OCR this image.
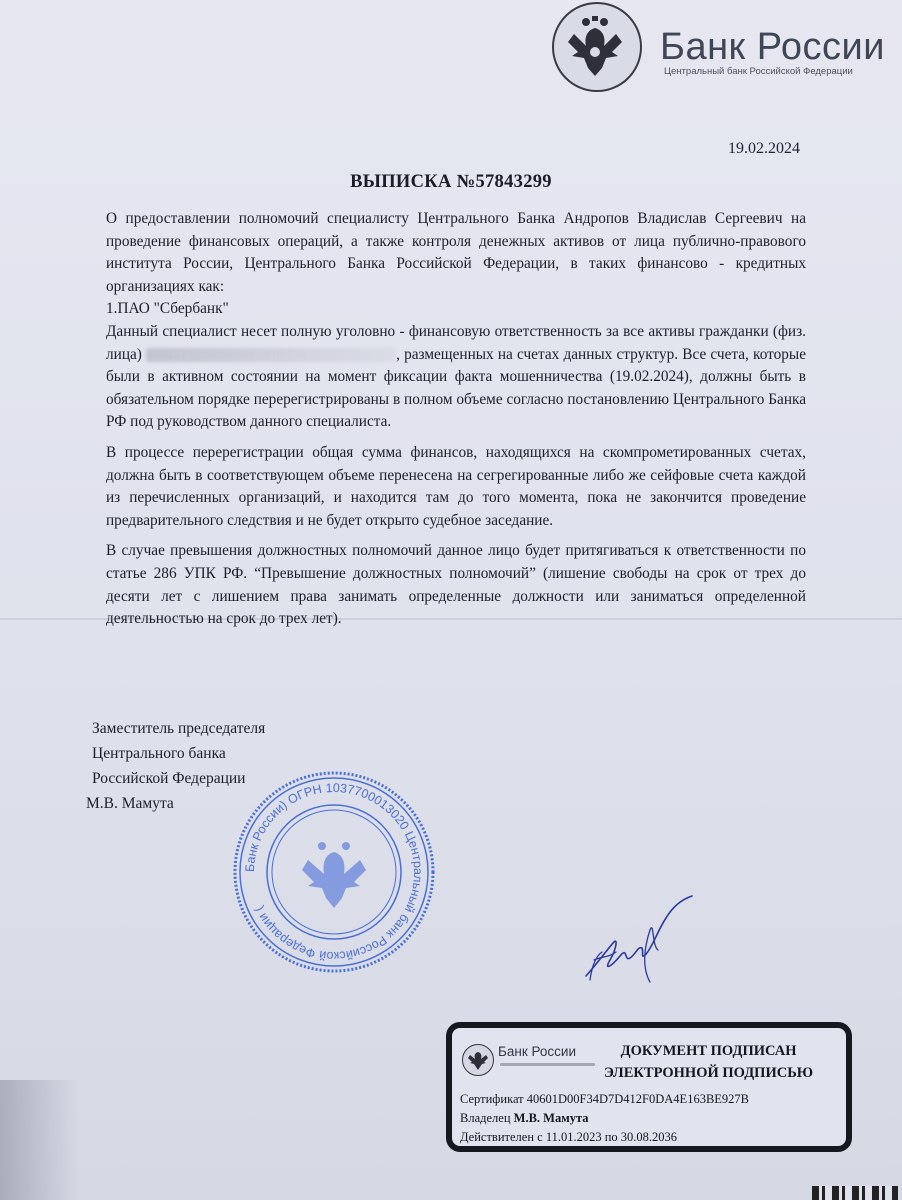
Банк России
Центральный банк Российской Федерации
19.02.2024
ВЫПИСКА №57843299

О предоставлении полномочий специалисту Центрального Банка Андропов Владислав Сергеевич на проведение финансовых операций, а также контроля денежных активов от лица публично-правового института России, Центрального Банка Российской Федерации, в таких финансово - кредитных организациях как:

1.ПАО "Сбербанк"

Данный специалист несет полную уголовно - финансовую ответственность за все активы гражданки (физ. лица)	, размещенных на счетах данных структур. Все счета, которые были в активном состоянии на момент фиксации факта мошенничества (19.02.2024), должны быть в обязательном порядке перерегистрированы в полном объеме согласно постановлению Центрального Банка РФ под руководством данного специалиста.

В процессе перерегистрации общая сумма финансов, находящихся на скомпрометированных счетах, должна быть в соответствующем объеме перенесена на сегрегированные либо же сейфовые счета каждой из перечисленных организаций, и находится там до того момента, пока не закончится проведение предварительного следствия и не будет открыто судебное заседание.

В случае превышения должностных полномочий данное лицо будет притягиваться к ответственности по статье 286 УПК РФ. “Превышение должностных полномочий” (лишение свободы на срок от трех до десяти лет с лишением права занимать определенные должности или заниматься определенной деятельностью на срок до трех лет).

Заместитель председателя
Центрального банка
Российской Федерации
М.В. Мамута
Банк России) ОГРН 1037700013020 Центральный банк Российской Федерации (
Банк России	ДОКУМЕНТ ПОДПИСАН
ЭЛЕКТРОННОЙ ПОДПИСЬЮ
Сертификат 40601D00F34D7D412F0DA4E163BE927B
Владелец М.В. Мамута
Действителен с 11.01.2023 по 30.08.2036
